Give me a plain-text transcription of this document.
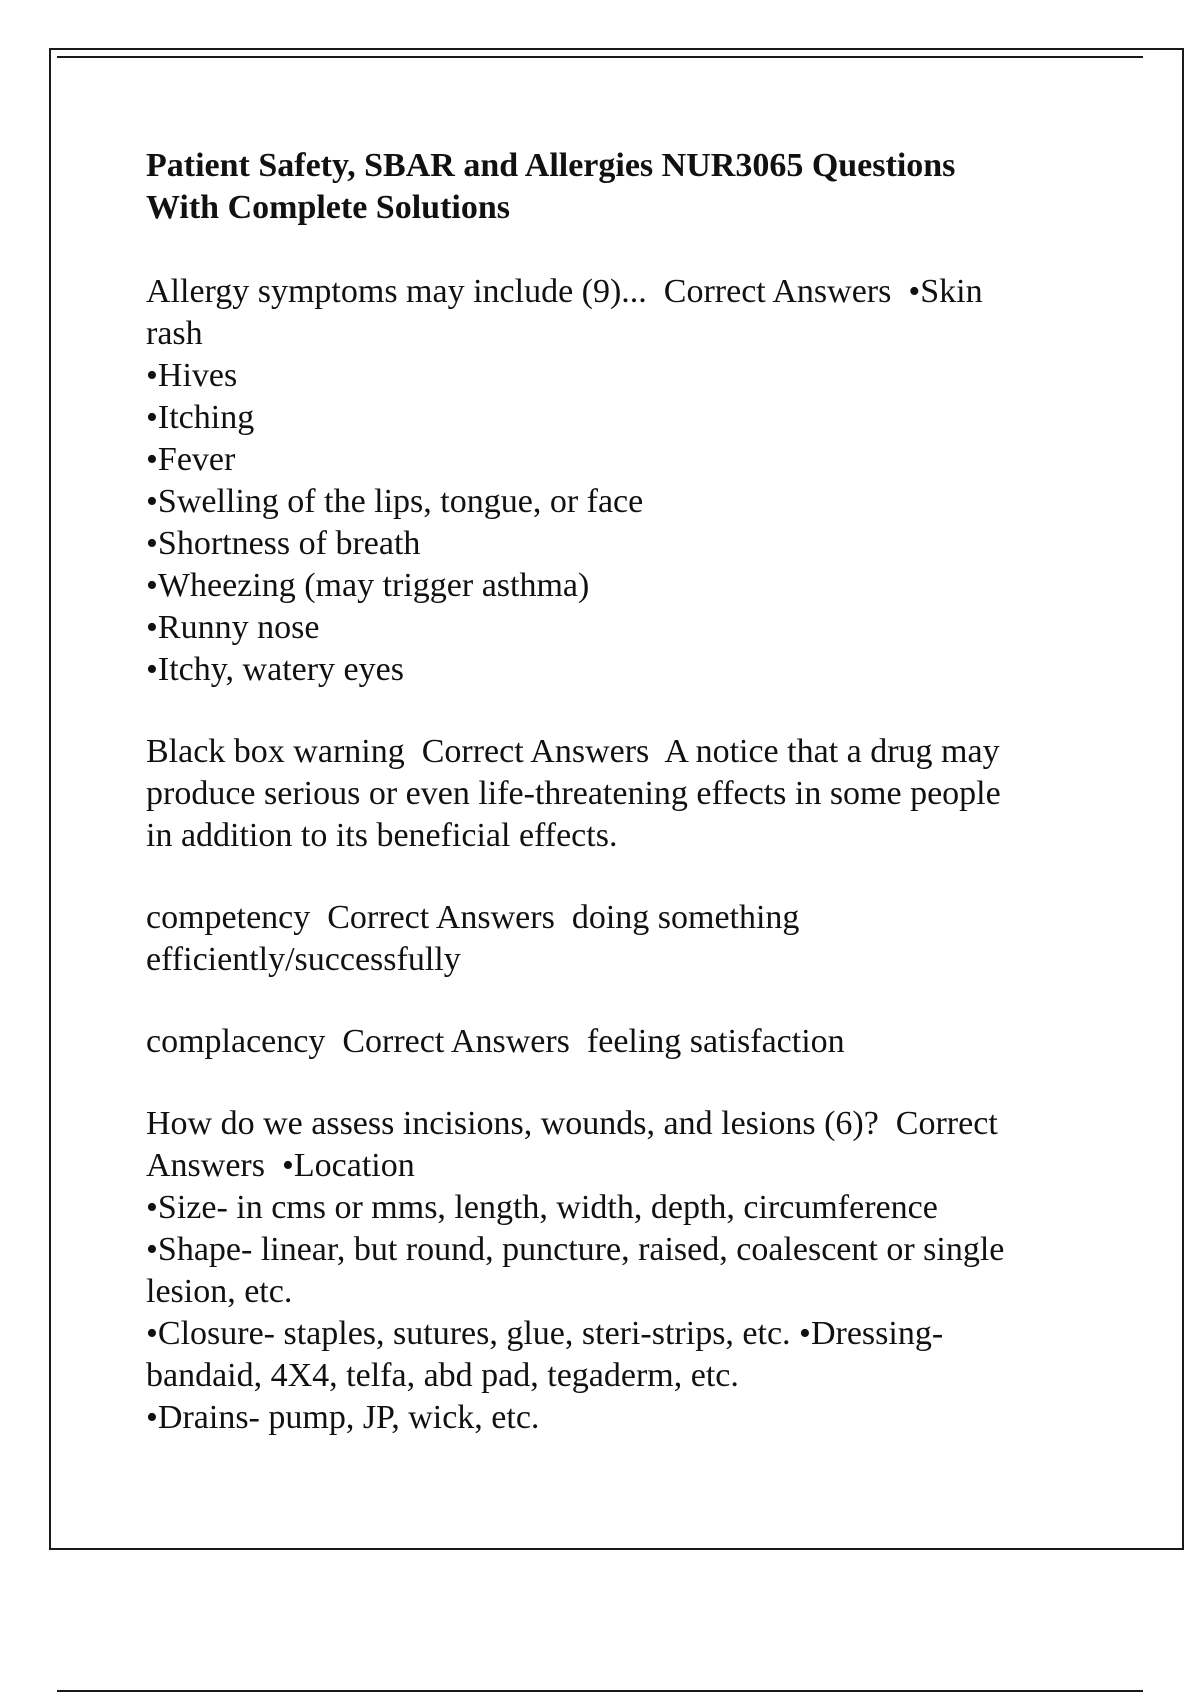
Patient Safety, SBAR and Allergies NUR3065 Questions
With Complete Solutions
Allergy symptoms may include (9)...  Correct Answers  •Skin
rash
•Hives
•Itching
•Fever
•Swelling of the lips, tongue, or face
•Shortness of breath
•Wheezing (may trigger asthma)
•Runny nose
•Itchy, watery eyes
Black box warning  Correct Answers  A notice that a drug may
produce serious or even life-threatening effects in some people
in addition to its beneficial effects.
competency  Correct Answers  doing something
efficiently/successfully
complacency  Correct Answers  feeling satisfaction
How do we assess incisions, wounds, and lesions (6)?  Correct
Answers  •Location
•Size- in cms or mms, length, width, depth, circumference
•Shape- linear, but round, puncture, raised, coalescent or single
lesion, etc.
•Closure- staples, sutures, glue, steri-strips, etc. •Dressing-
bandaid, 4X4, telfa, abd pad, tegaderm, etc.
•Drains- pump, JP, wick, etc.
